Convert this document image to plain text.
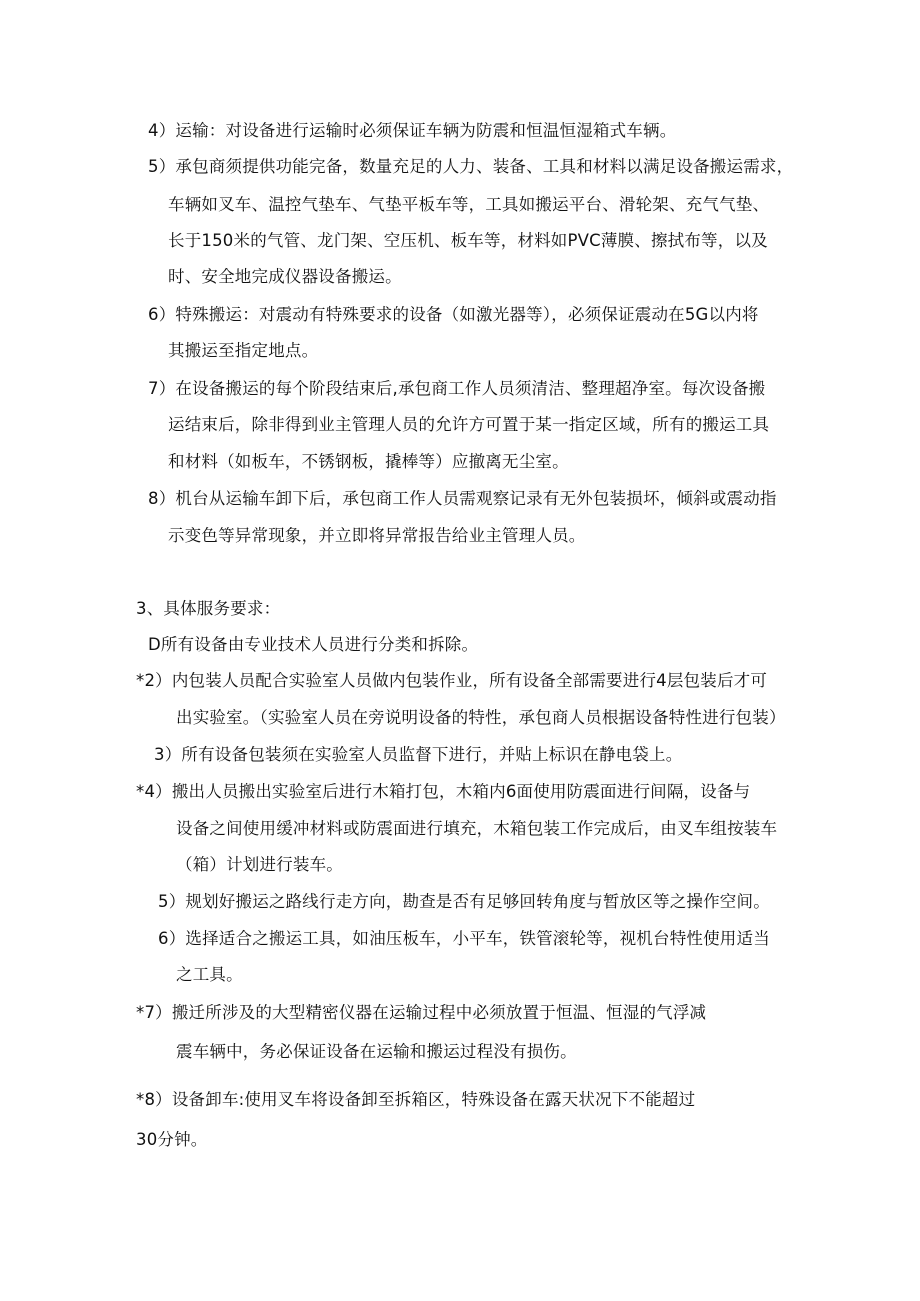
4）运输：对设备进行运输时必须保证车辆为防震和恒温恒湿箱式车辆。
5）承包商须提供功能完备，数量充足的人力、装备、工具和材料以满足设备搬运需求，
车辆如叉车、温控气垫车、气垫平板车等，工具如搬运平台、滑轮架、充气气垫、
长于150米的气管、龙门架、空压机、板车等，材料如PVC薄膜、擦拭布等，以及
时、安全地完成仪器设备搬运。
6）特殊搬运：对震动有特殊要求的设备（如激光器等），必须保证震动在5G以内将
其搬运至指定地点。
7）在设备搬运的每个阶段结束后,承包商工作人员须清洁、整理超净室。每次设备搬
运结束后，除非得到业主管理人员的允许方可置于某一指定区域，所有的搬运工具
和材料（如板车，不锈钢板，撬棒等）应撤离无尘室。
8）机台从运输车卸下后，承包商工作人员需观察记录有无外包装损坏，倾斜或震动指
示变色等异常现象，并立即将异常报告给业主管理人员。
3、具体服务要求：
D所有设备由专业技术人员进行分类和拆除。
*2）内包装人员配合实验室人员做内包装作业，所有设备全部需要进行4层包装后才可
出实验室。（实验室人员在旁说明设备的特性，承包商人员根据设备特性进行包装）
3）所有设备包装须在实验室人员监督下进行，并贴上标识在静电袋上。
*4）搬出人员搬出实验室后进行木箱打包，木箱内6面使用防震面进行间隔，设备与
设备之间使用缓冲材料或防震面进行填充，木箱包装工作完成后，由叉车组按装车
（箱）计划进行装车。
5）规划好搬运之路线行走方向，勘查是否有足够回转角度与暂放区等之操作空间。
6）选择适合之搬运工具，如油压板车，小平车，铁管滚轮等，视机台特性使用适当
之工具。
*7）搬迁所涉及的大型精密仪器在运输过程中必须放置于恒温、恒湿的气浮减
震车辆中，务必保证设备在运输和搬运过程没有损伤。
*8）设备卸车:使用叉车将设备卸至拆箱区，特殊设备在露天状况下不能超过
30分钟。
